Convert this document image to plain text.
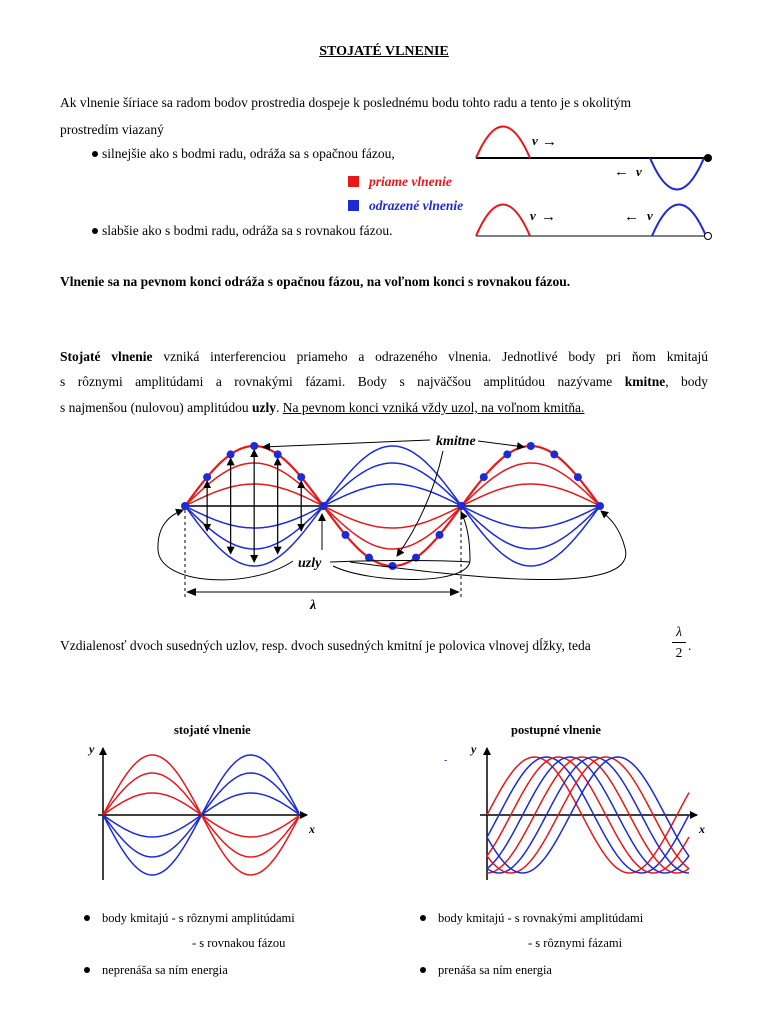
STOJATÉ VLNENIE
Ak vlnenie šíriace sa radom bodov prostredia dospeje k poslednému bodu tohto radu a tento je s okolitým
prostredím viazaný
silnejšie ako s bodmi radu, odráža sa s opačnou fázou,
slabšie ako s bodmi radu, odráža sa s rovnakou fázou.
priame vlnenie
odrazené vlnenie
v →
← v
v →	← v
Vlnenie sa na pevnom konci odráža s opačnou fázou, na voľnom konci s rovnakou fázou.
Stojaté vlnenie vzniká interferenciou priameho a odrazeného vlnenia. Jednotlivé body pri ňom kmitajú
s rôznymi amplitúdami a rovnakými fázami. Body s najväčšou amplitúdou nazývame kmitne, body
s najmenšou (nulovou) amplitúdou uzly. Na pevnom konci vzniká vždy uzol, na voľnom kmitňa.
kmitne
uzly
λ
Vzdialenosť dvoch susedných uzlov, resp. dvoch susedných kmitní je polovica vlnovej dĺžky, teda
λ
2 .
stojaté vlnenie	postupné vlnenie
y
x
-
y
x
body kmitajú - s rôznymi amplitúdami
- s rovnakou fázou
neprenáša sa ním energia
body kmitajú - s rovnakými amplitúdami
- s rôznymi fázami
prenáša sa ním energia
